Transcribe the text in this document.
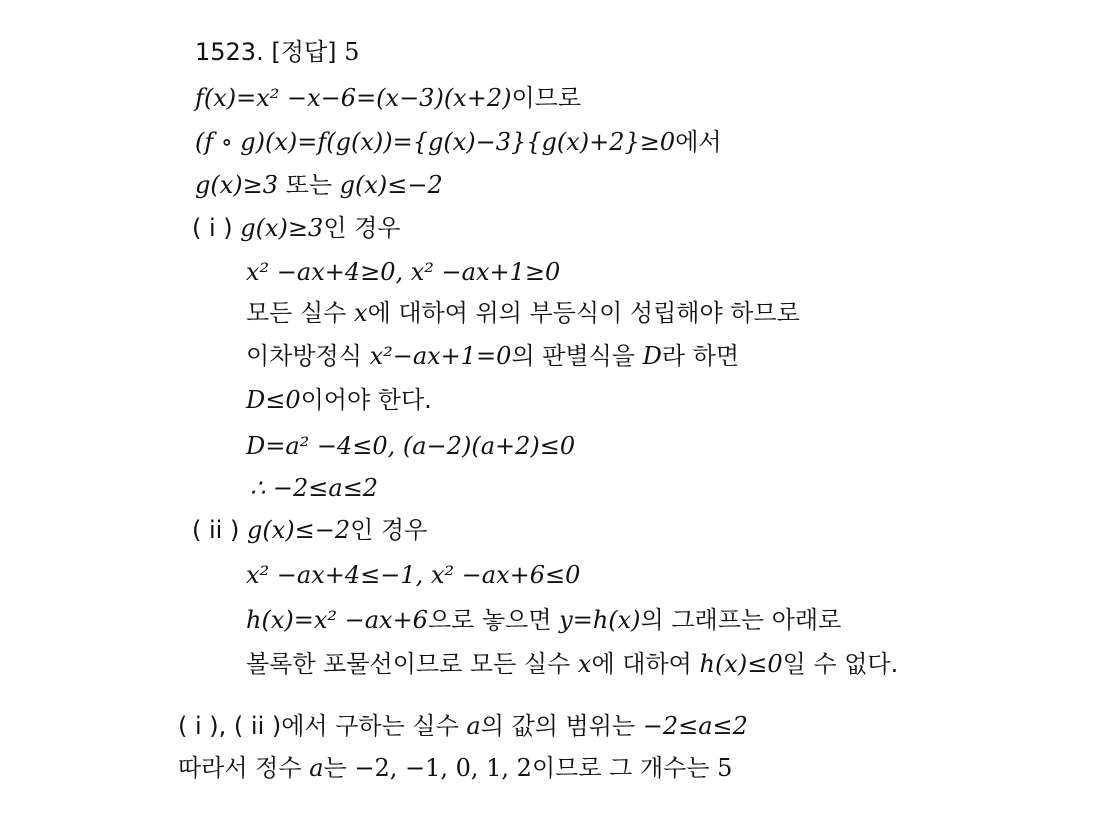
1523. [정답] 5
f(x)=x² −x−6=(x−3)(x+2)이므로
(f ∘ g)(x)=f(g(x))={g(x)−3}{g(x)+2}≥0에서
g(x)≥3 또는 g(x)≤−2
( i ) g(x)≥3인 경우
x² −ax+4≥0, x² −ax+1≥0
모든 실수 x에 대하여 위의 부등식이 성립해야 하므로
이차방정식 x²−ax+1=0의 판별식을 D라 하면
D≤0이어야 한다.
D=a² −4≤0, (a−2)(a+2)≤0
∴ −2≤a≤2
( ii ) g(x)≤−2인 경우
x² −ax+4≤−1, x² −ax+6≤0
h(x)=x² −ax+6으로 놓으면 y=h(x)의 그래프는 아래로
볼록한 포물선이므로 모든 실수 x에 대하여 h(x)≤0일 수 없다.
( i ), ( ii )에서 구하는 실수 a의 값의 범위는 −2≤a≤2
따라서 정수 a는 −2, −1, 0, 1, 2이므로 그 개수는 5
